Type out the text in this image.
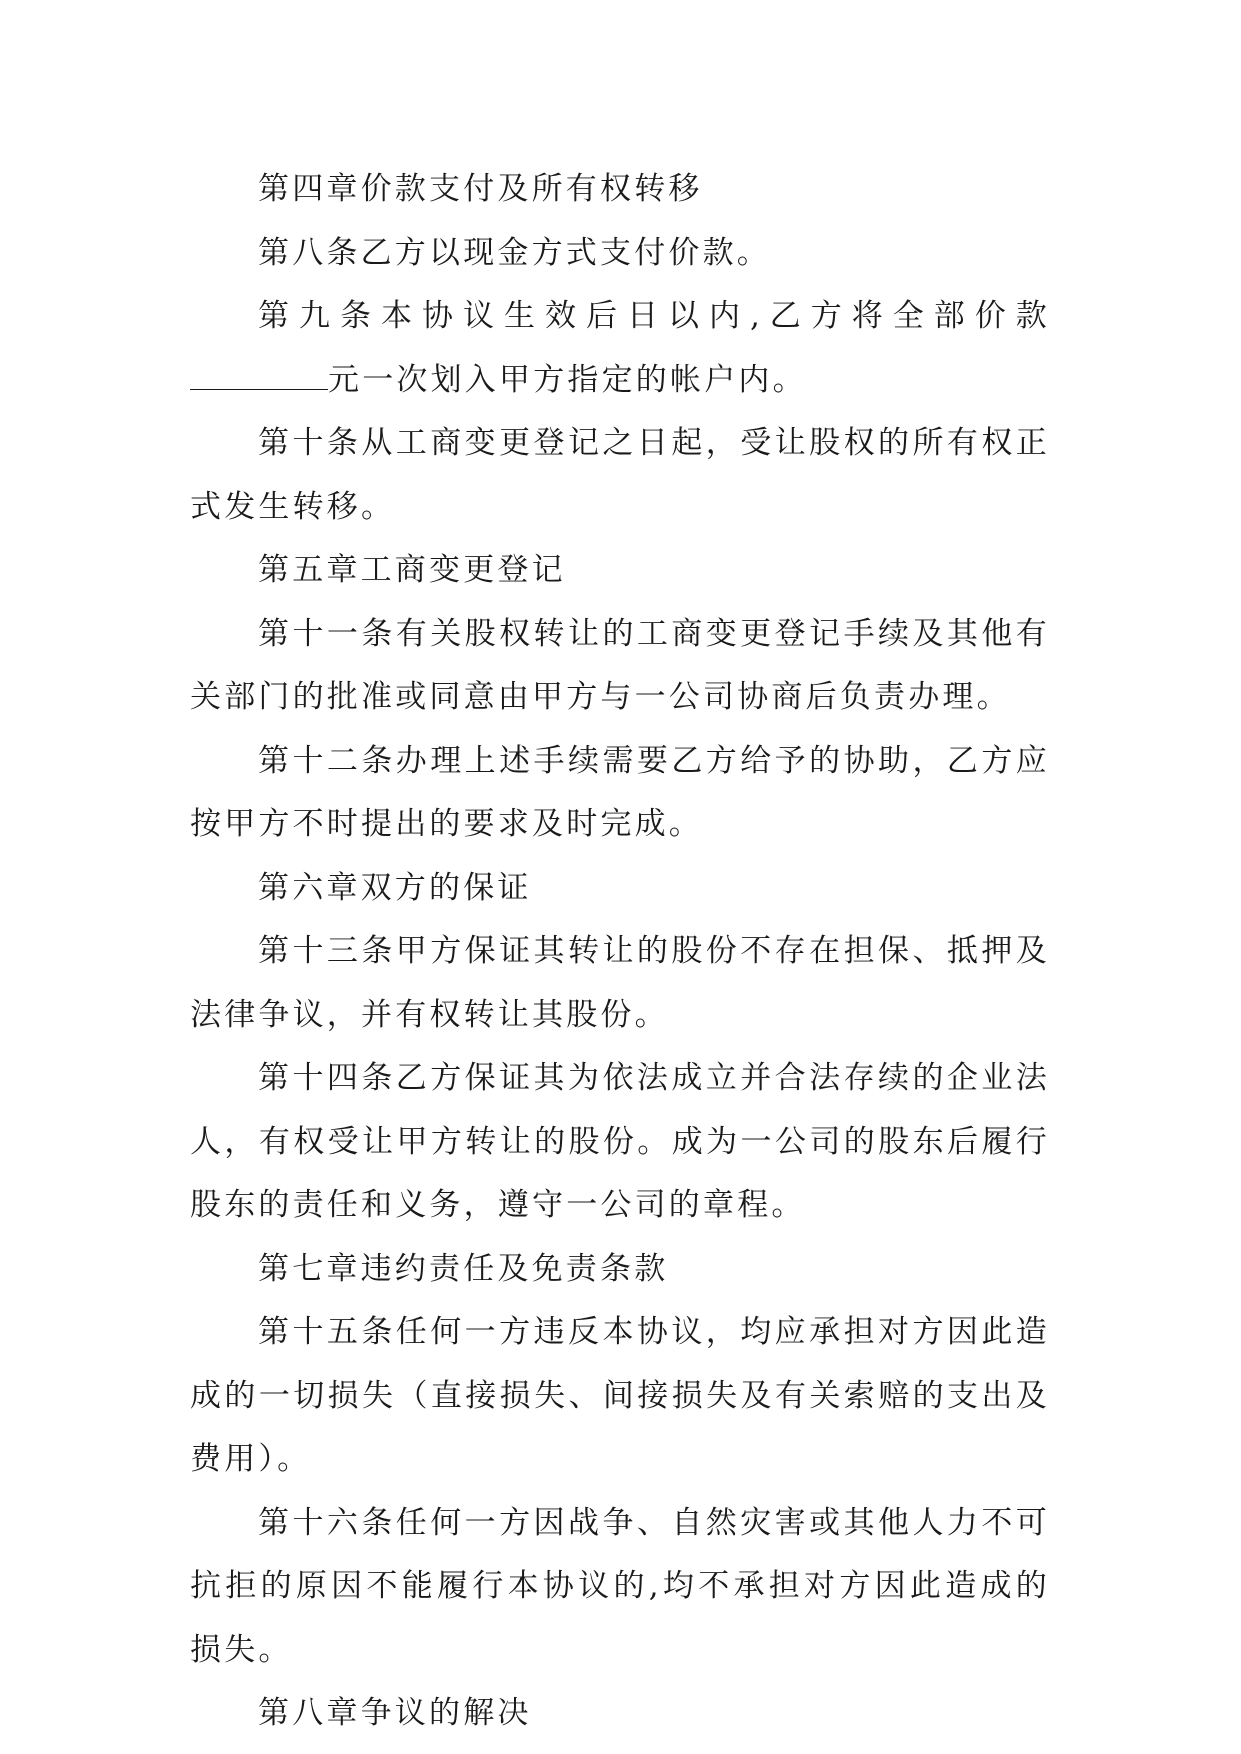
第四章价款支付及所有权转移

第八条乙方以现金方式支付价款。

第九条本协议生效后日以内,乙方将全部价款元一次划入甲方指定的帐户内。

第十条从工商变更登记之日起，受让股权的所有权正式发生转移。

第五章工商变更登记

第十一条有关股权转让的工商变更登记手续及其他有关部门的批准或同意由甲方与一公司协商后负责办理。

第十二条办理上述手续需要乙方给予的协助，乙方应按甲方不时提出的要求及时完成。

第六章双方的保证

第十三条甲方保证其转让的股份不存在担保、抵押及法律争议，并有权转让其股份。

第十四条乙方保证其为依法成立并合法存续的企业法人，有权受让甲方转让的股份。成为一公司的股东后履行股东的责任和义务，遵守一公司的章程。

第七章违约责任及免责条款

第十五条任何一方违反本协议，均应承担对方因此造成的一切损失（直接损失、间接损失及有关索赔的支出及费用）。

第十六条任何一方因战争、自然灾害或其他人力不可抗拒的原因不能履行本协议的,均不承担对方因此造成的损失。

第八章争议的解决
